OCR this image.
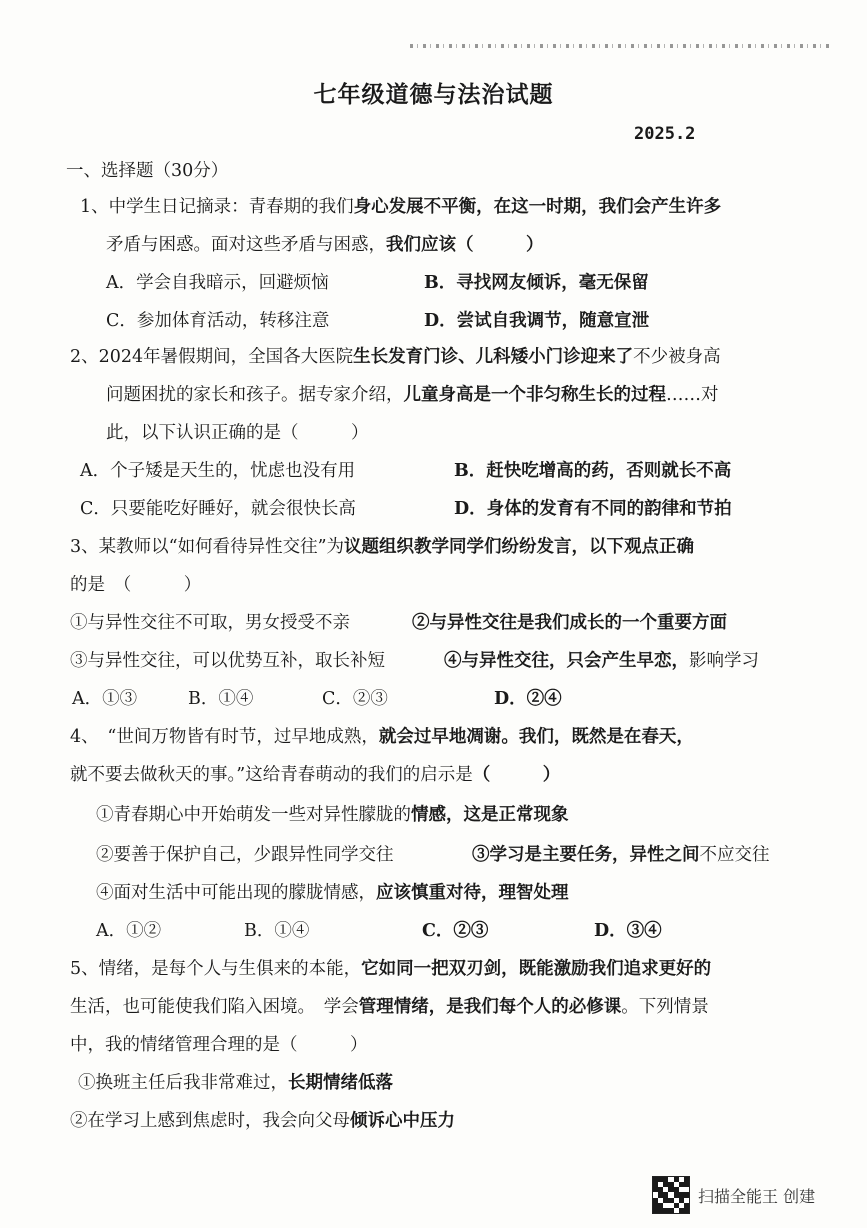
七年级道德与法治试题
2025.2
一、选择题（30分）
1、中学生日记摘录：青春期的我们身心发展不平衡，在这一时期，我们会产生许多
矛盾与困惑。面对这些矛盾与困惑，我们应该（　　　）
A．学会自我暗示，回避烦恼	B．寻找网友倾诉，毫无保留
C．参加体育活动，转移注意	D．尝试自我调节，随意宣泄
2、2024年暑假期间，全国各大医院生长发育门诊、儿科矮小门诊迎来了不少被身高
问题困扰的家长和孩子。据专家介绍，儿童身高是一个非匀称生长的过程……对
此，以下认识正确的是（　　　）
A．个子矮是天生的，忧虑也没有用	B．赶快吃增高的药，否则就长不高
C．只要能吃好睡好，就会很快长高	D．身体的发育有不同的韵律和节拍
3、某教师以“如何看待异性交往”为议题组织教学同学们纷纷发言，以下观点正确
的是　（　　　）
①与异性交往不可取，男女授受不亲	②与异性交往是我们成长的一个重要方面
③与异性交往，可以优势互补，取长补短	④与异性交往，只会产生早恋，影响学习
A．①③	B．①④	C．②③	D．②④
4、　“世间万物皆有时节，过早地成熟，就会过早地凋谢。我们，既然是在春天，
就不要去做秋天的事。”这给青春萌动的我们的启示是（　　　）
①青春期心中开始萌发一些对异性朦胧的情感，这是正常现象
②要善于保护自己，少跟异性同学交往	③学习是主要任务，异性之间不应交往
④面对生活中可能出现的朦胧情感，应该慎重对待，理智处理
A．①②	B．①④	C．②③	D．③④
5、情绪，是每个人与生俱来的本能，它如同一把双刃剑，既能激励我们追求更好的
生活，也可能使我们陷入困境。　学会管理情绪，是我们每个人的必修课。下列情景
中，我的情绪管理合理的是（　　　）
①换班主任后我非常难过，长期情绪低落
②在学习上感到焦虑时，我会向父母倾诉心中压力
扫描全能王 创建
